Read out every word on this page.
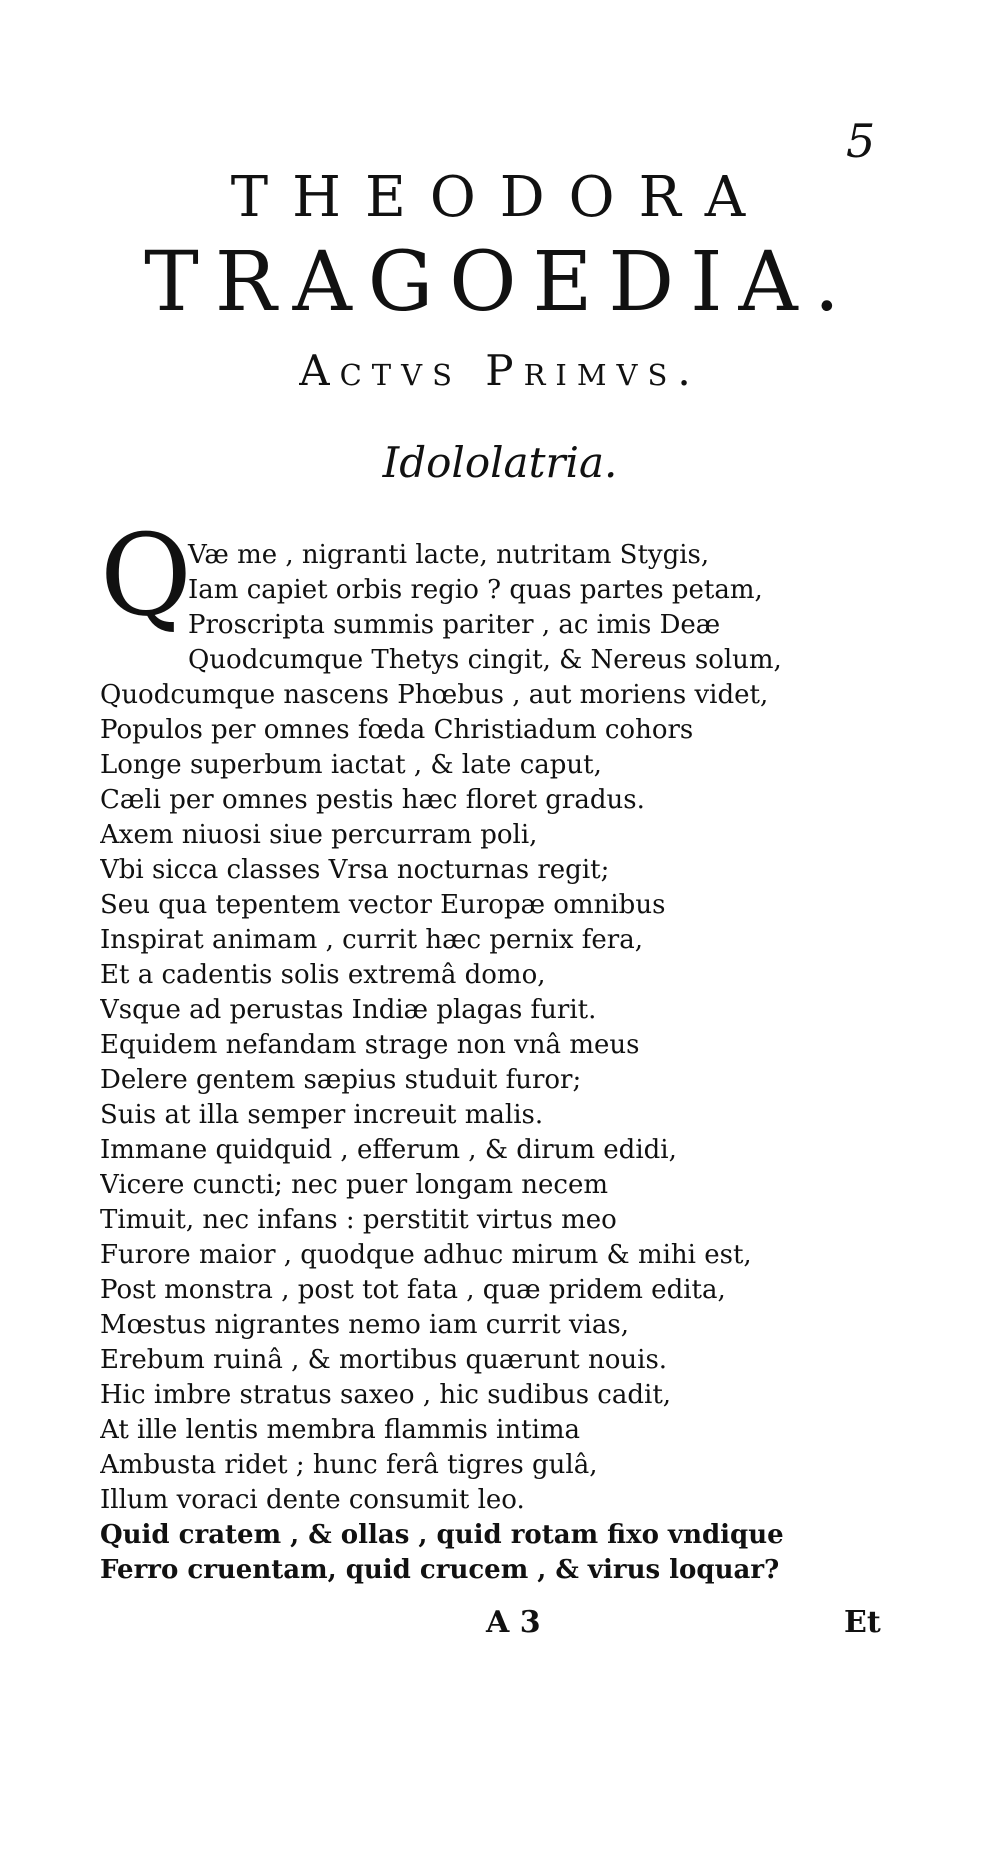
5
THEODORA
TRAGOEDIA.
Actvs Primvs.
Idololatria.
Q
Væ me , nigranti lacte, nutritam Stygis,
Iam capiet orbis regio ? quas partes petam,
Proscripta summis pariter , ac imis Deæ
Quodcumque Thetys cingit, & Nereus solum,
Quodcumque nascens Phœbus , aut moriens videt,
Populos per omnes fœda Christiadum cohors
Longe superbum iactat , & late caput,
Cæli per omnes pestis hæc floret gradus.
Axem niuosi siue percurram poli,
Vbi sicca classes Vrsa nocturnas regit;
Seu qua tepentem vector Europæ omnibus
Inspirat animam , currit hæc pernix fera,
Et a cadentis solis extremâ domo,
Vsque ad perustas Indiæ plagas furit.
Equidem nefandam strage non vnâ meus
Delere gentem sæpius studuit furor;
Suis at illa semper increuit malis.
Immane quidquid , efferum , & dirum edidi,
Vicere cuncti; nec puer longam necem
Timuit, nec infans : perstitit virtus meo
Furore maior , quodque adhuc mirum & mihi est,
Post monstra , post tot fata , quæ pridem edita,
Mœstus nigrantes nemo iam currit vias,
Erebum ruinâ , & mortibus quærunt nouis.
Hic imbre stratus saxeo , hic sudibus cadit,
At ille lentis membra flammis intima
Ambusta ridet ; hunc ferâ tigres gulâ,
Illum voraci dente consumit leo.
Quid cratem , & ollas , quid rotam fixo vndique
Ferro cruentam, quid crucem , & virus loquar?
A 3	Et
